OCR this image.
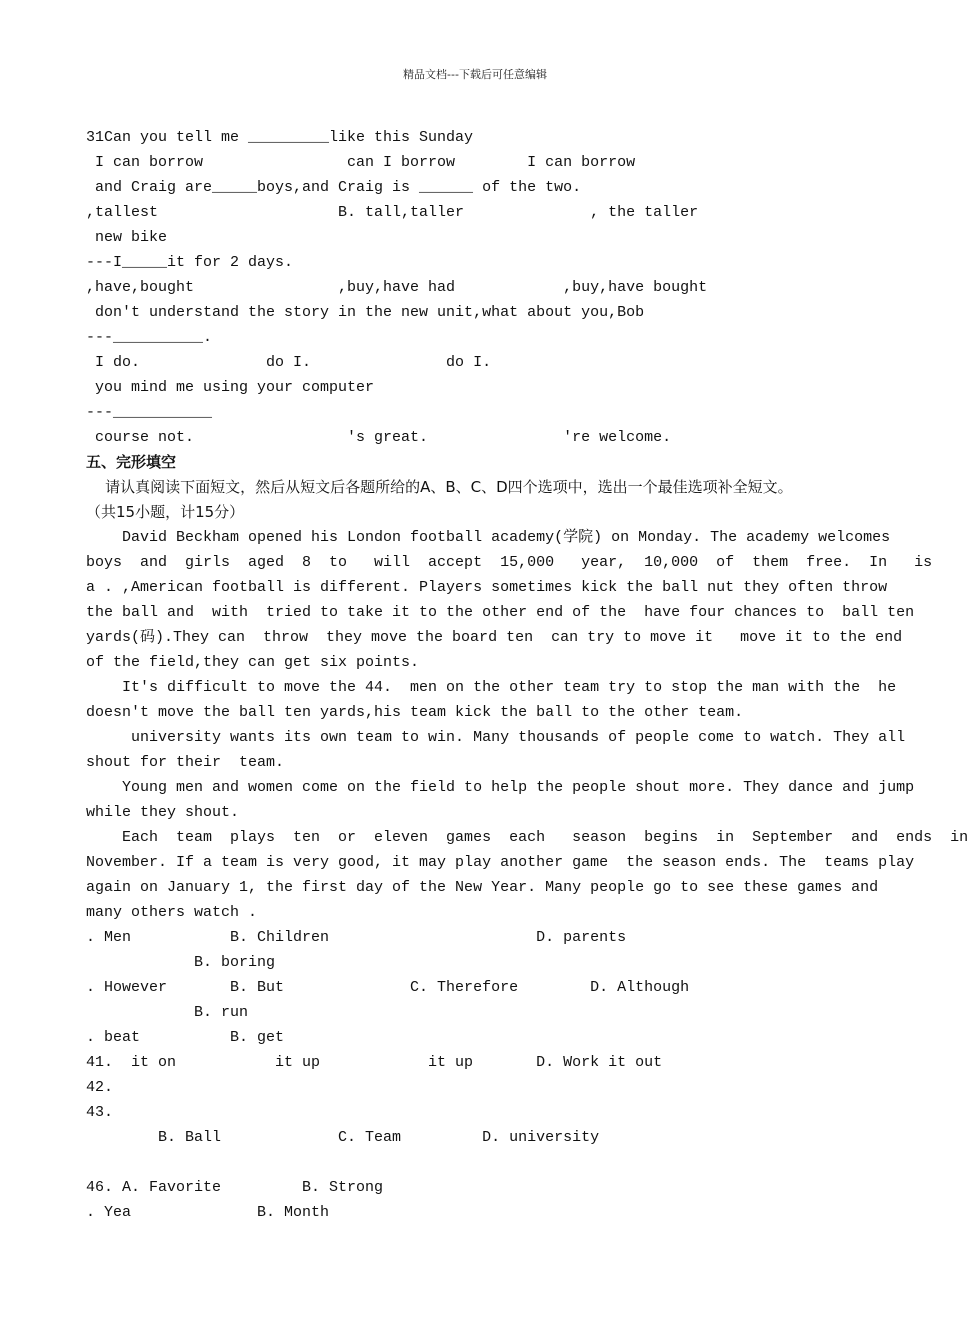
精品文档---下载后可任意编辑
31Can you tell me _________like this Sunday
I can borrow                can I borrow        I can borrow
and Craig are_____boys,and Craig is ______ of the two.
,tallest                    B. tall,taller              , the taller
new bike
---I_____it for 2 days.
,have,bought                ,buy,have had            ,buy,have bought
don't understand the story in the new unit,what about you,Bob
---__________.
I do.              do I.               do I.
you mind me using your computer
---___________
course not.                 's great.               're welcome.
五、完形填空
请认真阅读下面短文，然后从短文后各题所给的A、B、C、D四个选项中，选出一个最佳选项补全短文。
（共15小题，计15分）
David Beckham opened his London football academy(学院) on Monday. The academy welcomes
boys  and  girls  aged  8  to   will  accept  15,000   year,  10,000  of  them  free.  In   is
a . ,American football is different. Players sometimes kick the ball nut they often throw
the ball and  with  tried to take it to the other end of the  have four chances to  ball ten
yards(码).They can  throw  they move the board ten  can try to move it   move it to the end
of the field,they can get six points.
It's difficult to move the 44.  men on the other team try to stop the man with the  he
doesn't move the ball ten yards,his team kick the ball to the other team.
university wants its own team to win. Many thousands of people come to watch. They all
shout for their  team.
Young men and women come on the field to help the people shout more. They dance and jump
while they shout.
Each  team  plays  ten  or  eleven  games  each   season  begins  in  September  and  ends  in
November. If a team is very good, it may play another game  the season ends. The  teams play
again on January 1, the first day of the New Year. Many people go to see these games and
many others watch .
. Men           B. Children                       D. parents
B. boring
. However       B. But              C. Therefore        D. Although
B. run
. beat          B. get
41.  it on           it up            it up       D. Work it out
42.
43.
B. Ball             C. Team         D. university
46. A. Favorite         B. Strong
. Yea              B. Month
